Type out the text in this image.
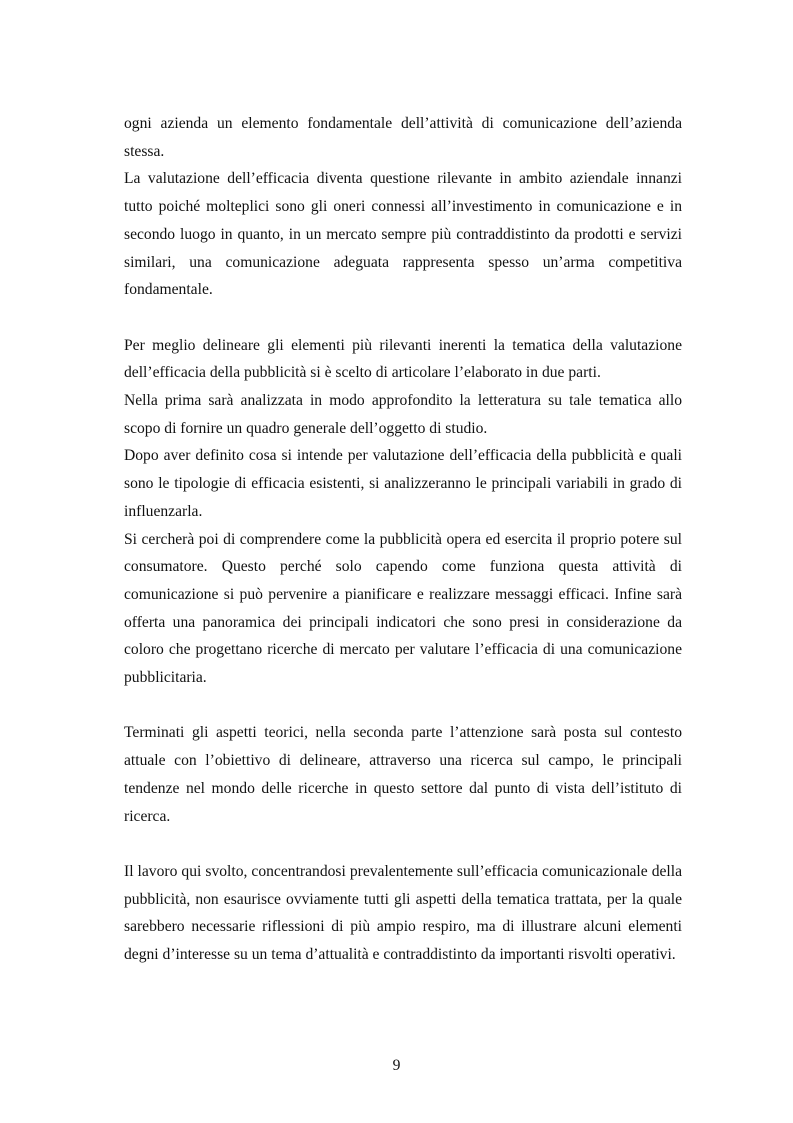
ogni azienda un elemento fondamentale dell’attività di comunicazione dell’azienda stessa.

La valutazione dell’efficacia diventa questione rilevante in ambito aziendale innanzi tutto poiché molteplici sono gli oneri connessi all’investimento in comunicazione e in secondo luogo in quanto, in un mercato sempre più contraddistinto da prodotti e servizi similari, una comunicazione adeguata rappresenta spesso un’arma competitiva fondamentale.

Per meglio delineare gli elementi più rilevanti inerenti la tematica della valutazione dell’efficacia della pubblicità si è scelto di articolare l’elaborato in due parti.

Nella prima sarà analizzata in modo approfondito la letteratura su tale tematica allo scopo di fornire un quadro generale dell’oggetto di studio.

Dopo aver definito cosa si intende per valutazione dell’efficacia della pubblicità e quali sono le tipologie di efficacia esistenti, si analizzeranno le principali variabili in grado di influenzarla.

Si cercherà poi di comprendere come la pubblicità opera ed esercita il proprio potere sul consumatore. Questo perché solo capendo come funziona questa attività di comunicazione si può pervenire a pianificare e realizzare messaggi efficaci. Infine sarà offerta una panoramica dei principali indicatori che sono presi in considerazione da coloro che progettano ricerche di mercato per valutare l’efficacia di una comunicazione pubblicitaria.

Terminati gli aspetti teorici, nella seconda parte l’attenzione sarà posta sul contesto attuale con l’obiettivo di delineare, attraverso una ricerca sul campo, le principali tendenze nel mondo delle ricerche in questo settore dal punto di vista dell’istituto di ricerca.

Il lavoro qui svolto, concentrandosi prevalentemente sull’efficacia comunicazionale della pubblicità, non esaurisce ovviamente tutti gli aspetti della tematica trattata, per la quale sarebbero necessarie riflessioni di più ampio respiro, ma di illustrare alcuni elementi degni d’interesse su un tema d’attualità e contraddistinto da importanti risvolti operativi.

9
